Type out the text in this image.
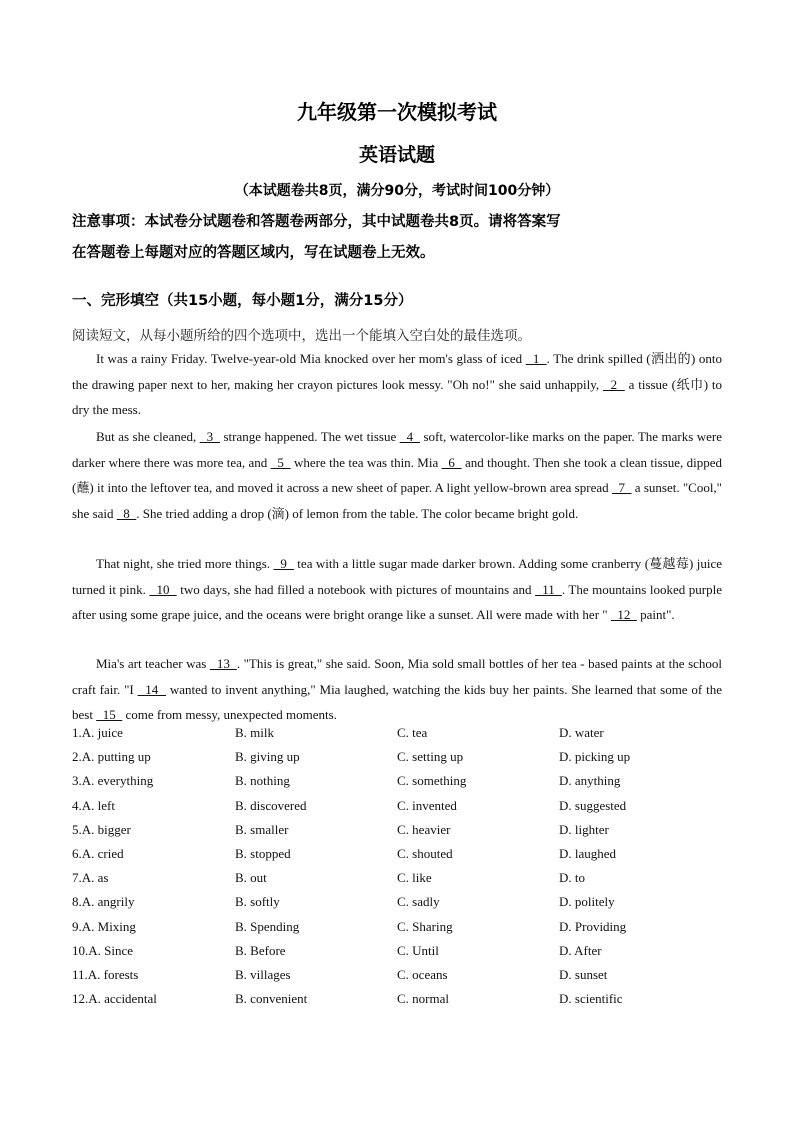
九年级第一次模拟考试
英语试题
（本试题卷共8页，满分90分，考试时间100分钟）
注意事项：本试卷分试题卷和答题卷两部分，其中试题卷共8页。请将答案写
在答题卷上每题对应的答题区域内，写在试题卷上无效。
一、完形填空（共15小题，每小题1分，满分15分）
阅读短文，从每小题所给的四个选项中，选出一个能填入空白处的最佳选项。
It was a rainy Friday. Twelve-year-old Mia knocked over her mom's glass of iced   1  . The drink spilled (洒出的) onto the drawing paper next to her, making her crayon pictures look messy. "Oh no!" she said unhappily,   2   a tissue (纸巾) to dry the mess.
But as she cleaned,   3   strange happened. The wet tissue   4   soft, watercolor-like marks on the paper. The marks were darker where there was more tea, and   5   where the tea was thin. Mia   6   and thought. Then she took a clean tissue, dipped (蘸) it into the leftover tea, and moved it across a new sheet of paper. A light yellow-brown area spread   7   a sunset. "Cool," she said   8  . She tried adding a drop (滴) of lemon from the table. The color became bright gold.
That night, she tried more things.   9   tea with a little sugar made darker brown. Adding some cranberry (蔓越莓) juice turned it pink.   10   two days, she had filled a notebook with pictures of mountains and   11  . The mountains looked purple after using some grape juice, and the oceans were bright orange like a sunset. All were made with her "   12   paint".
Mia's art teacher was   13  . "This is great," she said. Soon, Mia sold small bottles of her tea - based paints at the school craft fair. "I   14   wanted to invent anything," Mia laughed, watching the kids buy her paints. She learned that some of the best   15   come from messy, unexpected moments.
1.A. juice	B. milk	C. tea	D. water
2.A. putting up	B. giving up	C. setting up	D. picking up
3.A. everything	B. nothing	C. something	D. anything
4.A. left	B. discovered	C. invented	D. suggested
5.A. bigger	B. smaller	C. heavier	D. lighter
6.A. cried	B. stopped	C. shouted	D. laughed
7.A. as	B. out	C. like	D. to
8.A. angrily	B. softly	C. sadly	D. politely
9.A. Mixing	B. Spending	C. Sharing	D. Providing
10.A. Since	B. Before	C. Until	D. After
11.A. forests	B. villages	C. oceans	D. sunset
12.A. accidental	B. convenient	C. normal	D. scientific
